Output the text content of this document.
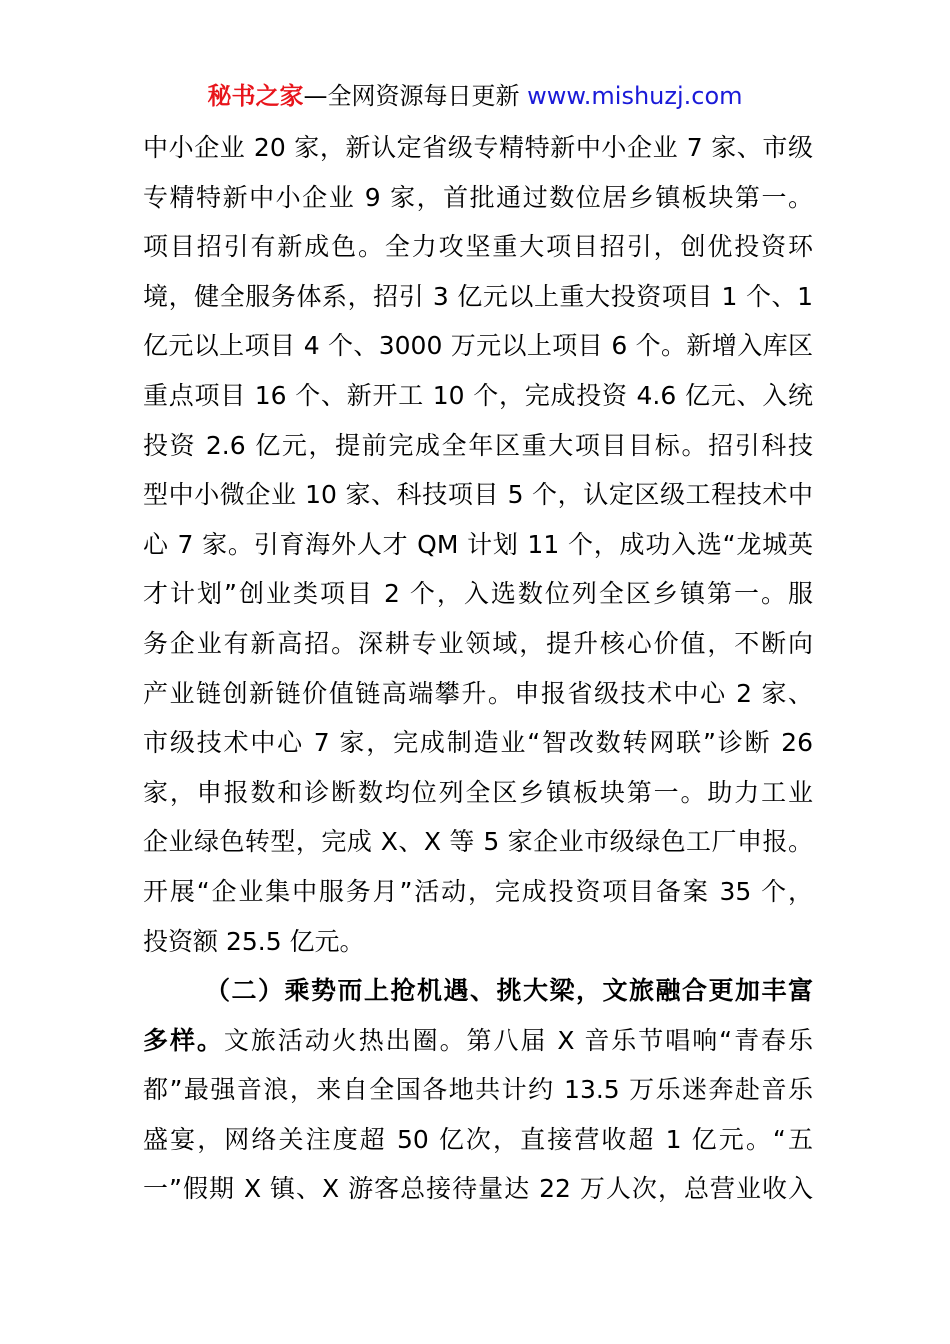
秘书之家—全网资源每日更新 www.mishuzj.com
中小企业 20 家，新认定省级专精特新中小企业 7 家、市级
专精特新中小企业 9 家，首批通过数位居乡镇板块第一。
项目招引有新成色。全力攻坚重大项目招引，创优投资环
境，健全服务体系，招引 3 亿元以上重大投资项目 1 个、1
亿元以上项目 4 个、3000 万元以上项目 6 个。新增入库区
重点项目 16 个、新开工 10 个，完成投资 4.6 亿元、入统
投资 2.6 亿元，提前完成全年区重大项目目标。招引科技
型中小微企业 10 家、科技项目 5 个，认定区级工程技术中
心 7 家。引育海外人才 QM 计划 11 个，成功入选“龙城英
才计划”创业类项目 2 个，入选数位列全区乡镇第一。服
务企业有新高招。深耕专业领域，提升核心价值，不断向
产业链创新链价值链高端攀升。申报省级技术中心 2 家、
市级技术中心 7 家，完成制造业“智改数转网联”诊断 26
家，申报数和诊断数均位列全区乡镇板块第一。助力工业
企业绿色转型，完成 X、X 等 5 家企业市级绿色工厂申报。
开展“企业集中服务月”活动，完成投资项目备案 35 个，
投资额 25.5 亿元。
（二）乘势而上抢机遇、挑大梁，文旅融合更加丰富
多样。文旅活动火热出圈。第八届 X 音乐节唱响“青春乐
都”最强音浪，来自全国各地共计约 13.5 万乐迷奔赴音乐
盛宴，网络关注度超 50 亿次，直接营收超 1 亿元。“五
一”假期 X 镇、X 游客总接待量达 22 万人次，总营业收入
